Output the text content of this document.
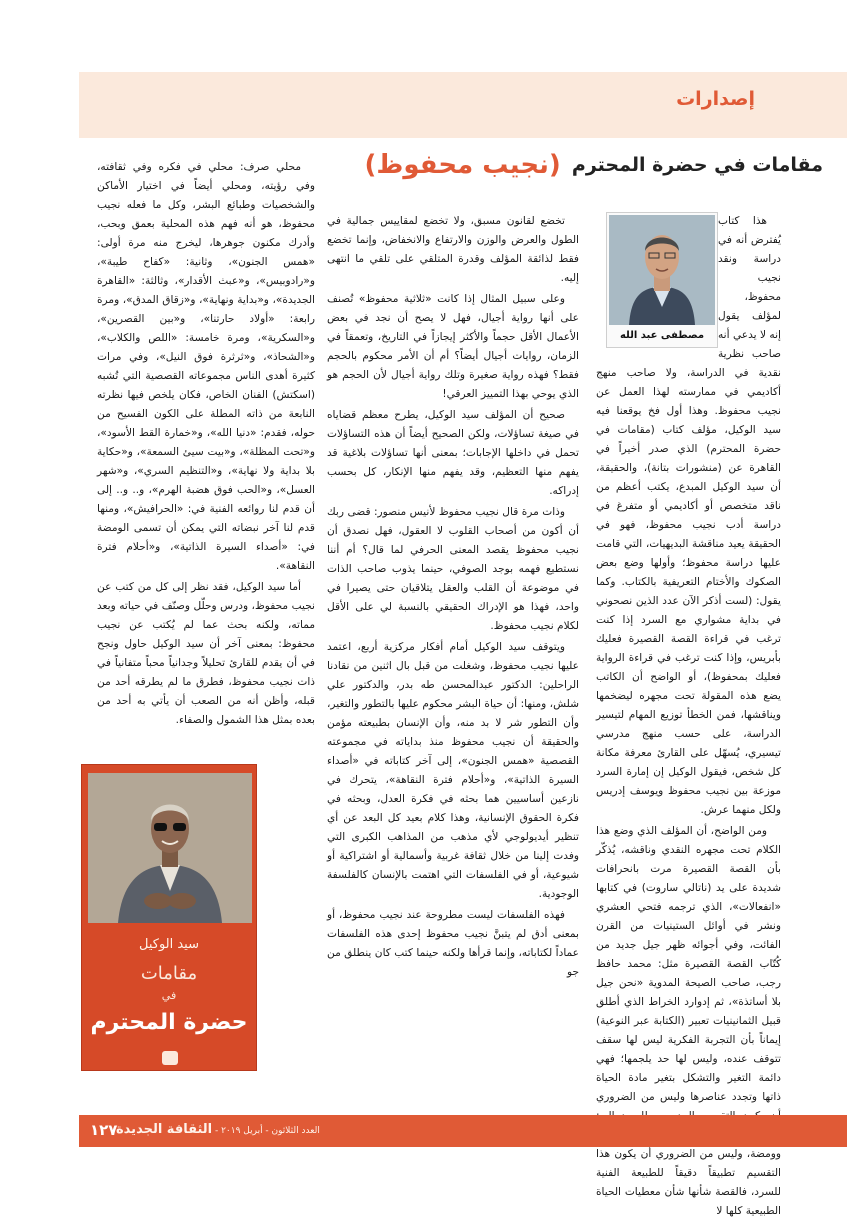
إصدارات
مقامات في حضرة المحترم (نجيب محفوظ)
مصطفى عبد الله

هذا كتاب يُفترض أنه في دراسة ونقد نجيب محفوظ، لمؤلف يقول إنه لا يدعي أنه صاحب نظرية نقدية في الدراسة، ولا صاحب منهج أكاديمي في ممارسته لهذا العمل عن نجيب محفوظ. وهذا أول فخ يوقعنا فيه سيد الوكيل، مؤلف كتاب (مقامات في حضرة المحترم) الذي صدر أخيراً في القاهرة عن (منشورات بتانة)، والحقيقة، أن سيد الوكيل المبدع، يكتب أعظم من ناقد متخصص أو أكاديمي أو متفرغ في دراسة أدب نجيب محفوظ، فهو في الحقيقة يعيد مناقشة البديهيات، التي قامت عليها دراسة محفوظ؛ وأولها وضع بعض الصكوك والأختام التعريفية بالكتاب. وكما يقول: (لست أذكر الآن عدد الذين نصحوني في بداية مشواري مع السرد إذا كنت ترغب في قراءة القصة القصيرة فعليك بأبريس، وإذا كنت ترغب في قراءة الرواية فعليك بمحفوظ)، أو الواضح أن الكاتب يضع هذه المقولة تحت مجهره ليضخمها ويناقشها، فمن الخطأ توزيع المهام لتيسير الدراسة، على حسب منهج مدرسي تيسيري، يُسهّل على القارئ معرفة مكانة كل شخص، فيقول الوكيل إن إمارة السرد موزعة بين نجيب محفوظ ويوسف إدريس ولكل منهما عرش.

ومن الواضح، أن المؤلف الذي وضع هذا الكلام تحت مجهره النقدي وناقشه، يُذكّر بأن القصة القصيرة مرت بانحرافات شديدة على يد (ناتالي ساروت) في كتابها «انفعالات»، الذي ترجمه فتحي العشري ونشر في أوائل الستينيات من القرن الفائت، وفي أجوائه ظهر جيل جديد من كُتّاب القصة القصيرة مثل: محمد حافظ رجب، صاحب الصيحة المدوية «نحن جيل بلا أساتذة»، ثم إدوارد الخراط الذي أطلق قبيل الثمانينيات تعبير (الكتابة عبر النوعية) إيماناً بأن التجربة الفكرية ليس لها سقف تتوقف عنده، وليس لها حد يلجمها؛ فهي دائمة التغير والتشكل بتغير مادة الحياة ذاتها وتجدد عناصرها وليس من الضروري وومضة، وليس من الضروري أن يكون هذا التقسيم تطبيقاً دقيقاً للطبيعة الفنية للسرد، فالقصة شأنها شأن معطيات الحياة الطبيعية كلها لا

تخضع لقانون مسبق، ولا تخضع لمقاييس جمالية في الطول والعرض والوزن والارتفاع والانخفاض، وإنما تخضع فقط لذائقة المؤلف وقدرة المتلقي على تلقي ما انتهى إليه.

وعلى سبيل المثال إذا كانت «ثلاثية محفوظ» تُصنف على أنها رواية أجيال، فهل لا يصح أن نجد في بعض الأعمال الأقل حجماً والأكثر إيجازاً في التاريخ، وتعمقاً في الزمان، روايات أجيال أيضاً؟ أم أن الأمر محكوم بالحجم فقط؟ فهذه رواية صغيرة وتلك رواية أجيال لأن الحجم هو الذي يوحي بهذا التمييز العرقي!

صحيح أن المؤلف سيد الوكيل، يطرح معظم قضاياه في صيغة تساؤلات، ولكن الصحيح أيضاً أن هذه التساؤلات تحمل في داخلها الإجابات؛ بمعنى أنها تساؤلات بلاغية قد يفهم منها التعظيم، وقد يفهم منها الإنكار، كل بحسب إدراكه.

وذات مرة قال نجيب محفوظ لأنيس منصور: قضى ربك أن أكون من أصحاب القلوب لا العقول، فهل نصدق أن نجيب محفوظ يقصد المعنى الحرفي لما قال؟ أم أننا نستطيع فهمه بوجد الصوفي، حينما يذوب صاحب الذات في موضوعة أن القلب والعقل يتلاقيان حتى يصيرا في واحد، فهذا هو الإدراك الحقيقي بالنسبة لي على الأقل لكلام نجيب محفوظ.

ويتوقف سيد الوكيل أمام أفكار مركزية أربع، اعتمد عليها نجيب محفوظ، وشغلت من قبل بال اثنين من نقادنا الراحلين: الدكتور عبدالمحسن طه بدر، والدكتور علي شلش، ومنها: أن حياة البشر محكوم عليها بالتطور والتغير، وأن التطور شر لا بد منه، وأن الإنسان بطبيعته مؤمن والحقيقة أن نجيب محفوظ منذ بداياته في مجموعته القصصية «همس الجنون»، إلى آخر كتاباته في «أصداء السيرة الذاتية»، و«أحلام فترة النقاهة»، يتحرك في نازعين أساسيين هما بحثه في فكرة العدل، وبحثه في فكرة الحقوق الإنسانية، وهذا كلام بعيد كل البعد عن أي تنظير أيديولوجي لأي مذهب من المذاهب الكبرى التي وفدت إلينا من خلال ثقافة غربية وأسمالية أو اشتراكية أو شيوعية، أو في الفلسفات التي اهتمت بالإنسان كالفلسفة الوجودية.

فهذه الفلسفات ليست مطروحة عند نجيب محفوظ، أو بمعنى أدق لم يتبنَّ نجيب محفوظ إحدى هذه الفلسفات عماداً لكتاباته، وإنما قرأها ولكنه حينما كتب كان ينطلق من جو

محلي صرف: محلي في فكره وفي ثقافته، وفي رؤيته، ومحلي أيضاً في اختيار الأماكن والشخصيات وطبائع البشر، وكل ما فعله نجيب محفوظ، هو أنه فهم هذه المحلية بعمق وبحب، وأدرك مكنون جوهرها، ليخرج منه مرة أولى: «همس الجنون»، وثانية: «كفاح طيبة»، و«رادوبيس»، و«عبث الأقدار»، وثالثة: «القاهرة الجديدة»، و«بداية ونهاية»، و«زقاق المدق»، ومرة رابعة: «أولاد حارتنا»، و«بين القصرين»، و«السكرية»، ومرة خامسة: «اللص والكلاب»، و«الشحاذ»، و«ثرثرة فوق النيل»، وفي مرات كثيرة أهدى الناس مجموعاته القصصية التي تُشبه (اسكتش) الفنان الخاص، فكان يلخص فيها نظرته النابعة من ذاته المطلة على الكون الفسيح من حوله، فقدم: «دنيا الله»، و«خمارة القط الأسود»، و«تحت المظلة»، و«بيت سيئ السمعة»، و«حكاية بلا بداية ولا نهاية»، و«التنظيم السري»، و«شهر العسل»، و«الحب فوق هضبة الهرم»، و.. و.. إلى أن قدم لنا روائعه الفنية في: «الحرافيش»، ومنها قدم لنا آخر نبضاته التي يمكن أن تسمى الومضة في: «أصداء السيرة الذاتية»، و«أحلام فترة النقاهة».

أما سيد الوكيل، فقد نظر إلى كل من كتب عن نجيب محفوظ، ودرس وحلّل وصنّف في حياته وبعد مماته، ولكنه بحث عما لم يُكتب عن نجيب محفوظ: بمعنى آخر أن سيد الوكيل حاول ونجح في أن يقدم للقارئ تحليلاً وجدانياً محباً متفانياً في ذات نجيب محفوظ، فطرق ما لم يطرقه أحد من قبله، وأظن أنه من الصعب أن يأتي به أحد من بعده بمثل هذا الشمول والصفاء.

سيد الوكيل
مقامات
في
حضرة المحترم
١٢٧	العدد الثلاثون - أبريل ٢٠١٩ - الثقافة الجديدة
